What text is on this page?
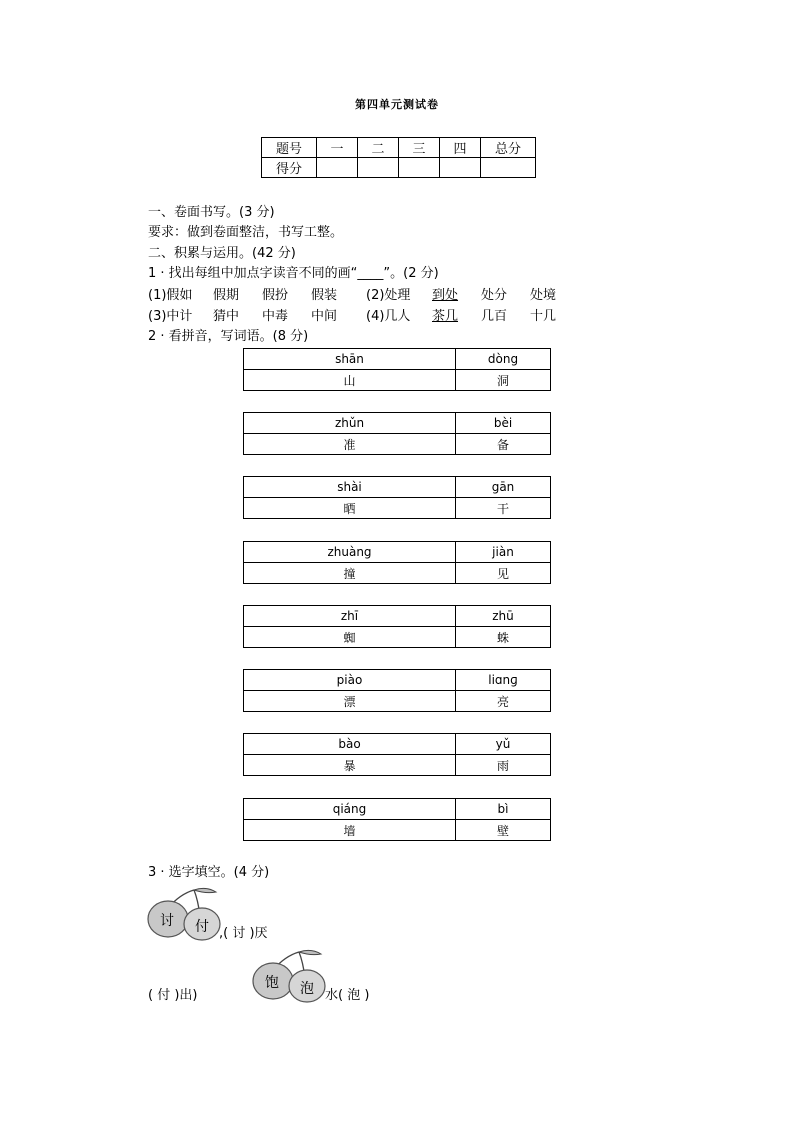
第四单元测试卷
题号	一	二	三	四	总分
得分					
一、卷面书写。(3 分)
要求：做到卷面整洁，书写工整。
二、积累与运用。(42 分)
1 · 找出每组中加点字读音不同的画“____”。(2 分)
(1)假如 假期 假扮 假装 (2)处理 到处 处分 处境
(3)中计 猜中 中毒 中间 (4)几人 茶几 几百 十几
2 · 看拼音，写词语。(8 分)
shān	dòng
山	洞
zhǔn	bèi
准	备
shài	gān
晒	干
zhuàng	jiàn
撞	见
zhī	zhū
蜘	蛛
piào	liɑnɡ
漂	亮
bào	yǔ
暴	雨
qiáng	bì
墙	壁
3 · 选字填空。(4 分)
讨 付 ,( 讨 )厌
饱 泡
( 付 )出)	水( 泡 )
